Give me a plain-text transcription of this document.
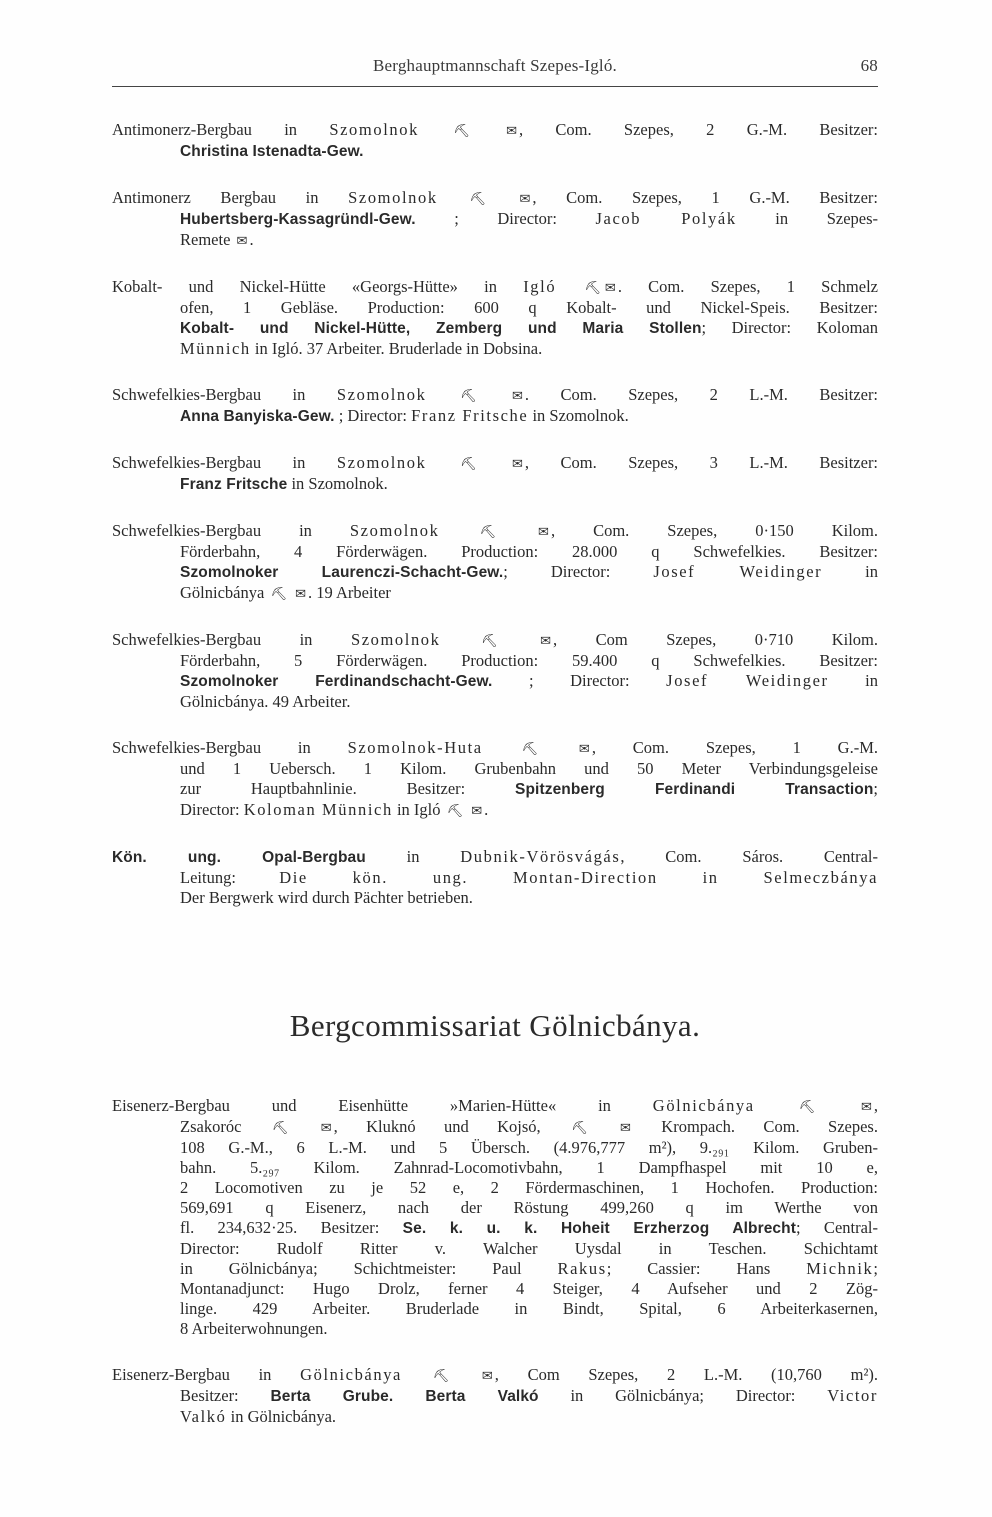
Berghauptmannschaft Szepes-Igló.	68
Antimonerz-Bergbau in Szomolnok	⛏	✉ , Com. Szepes, 2 G.-M. Besitzer:
Christina Istenadta-Gew.
Antimonerz Bergbau in Szomolnok ⛏	✉ , Com. Szepes, 1 G.-M. Besitzer:
Hubertsberg-Kassagründl-Gew. ; Director: Jacob Polyák in Szepes-
Remete ✉ .
Kobalt- und Nickel-Hütte «Georgs-Hütte» in Igló ⛏ ✉ . Com. Szepes, 1 Schmelz
ofen, 1 Gebläse. Production: 600 q Kobalt- und Nickel-Speis. Besitzer:
Kobalt- und Nickel-Hütte, Zemberg und Maria Stollen; Director: Koloman
Münnich in Igló. 37 Arbeiter. Bruderlade in Dobsina.
Schwefelkies-Bergbau in Szomolnok	⛏	✉ . Com. Szepes, 2 L.-M. Besitzer:
Anna Banyiska-Gew. ; Director: Franz Fritsche in Szomolnok.
Schwefelkies-Bergbau in Szomolnok	⛏	✉ , Com. Szepes, 3 L.-M. Besitzer:
Franz Fritsche in Szomolnok.
Schwefelkies-Bergbau in Szomolnok	⛏	✉ , Com. Szepes, 0·150 Kilom.
Förderbahn, 4 Förderwägen. Production: 28.000 q Schwefelkies. Besitzer:
Szomolnoker Laurenczi-Schacht-Gew.; Director: Josef Weidinger in
Gölnicbánya ⛏ ✉ . 19 Arbeiter
Schwefelkies-Bergbau in Szomolnok	⛏	✉ , Com Szepes, 0·710 Kilom.
Förderbahn, 5 Förderwägen. Production: 59.400 q Schwefelkies. Besitzer:
Szomolnoker Ferdinandschacht-Gew. ; Director: Josef Weidinger in
Gölnicbánya. 49 Arbeiter.
Schwefelkies-Bergbau in Szomolnok-Huta	⛏	✉ , Com. Szepes, 1 G.-M.
und 1 Uebersch. 1 Kilom. Grubenbahn und 50 Meter Verbindungsgeleise
zur Hauptbahnlinie. Besitzer: Spitzenberg Ferdinandi Transaction;
Director: Koloman Münnich in Igló ⛏ ✉ .
Kön. ung. Opal-Bergbau in Dubnik-Vörösvágás, Com. Sáros. Central-
Leitung: Die kön. ung. Montan-Direction in Selmeczbánya
Der Bergwerk wird durch Pächter betrieben.
Bergcommissariat Gölnicbánya.
Eisenerz-Bergbau und Eisenhütte »Marien-Hütte« in Gölnicbánya	⛏	✉ ,
Zsakoróc ⛏ ✉ , Kluknó und Kojsó, ⛏ ✉ Krompach. Com. Szepes.
108 G.-M., 6 L.-M. und 5 Übersch. (4.976,777 m²), 9.₂₉₁ Kilom. Gruben-
bahn. 5.₂₉₇ Kilom. Zahnrad-Locomotivbahn, 1 Dampfhaspel mit 10 e,
2 Locomotiven zu je 52 e, 2 Fördermaschinen, 1 Hochofen. Production:
569,691 q Eisenerz, nach der Röstung 499,260 q im Werthe von
fl. 234,632·25. Besitzer: Se. k. u. k. Hoheit Erzherzog Albrecht; Central-
Director: Rudolf Ritter v. Walcher Uysdal in Teschen. Schichtamt
in Gölnicbánya; Schichtmeister: Paul Rakus; Cassier: Hans Michnik;
Montanadjunct: Hugo Drolz, ferner 4 Steiger, 4 Aufseher und 2 Zög-
linge. 429 Arbeiter. Bruderlade in Bindt, Spital, 6 Arbeiterkasernen,
8 Arbeiterwohnungen.
Eisenerz-Bergbau in Gölnicbánya ⛏	✉ , Com Szepes, 2 L.-M. (10,760 m²).
Besitzer: Berta Grube. Berta Valkó in Gölnicbánya; Director: Victor
Valkó in Gölnicbánya.
